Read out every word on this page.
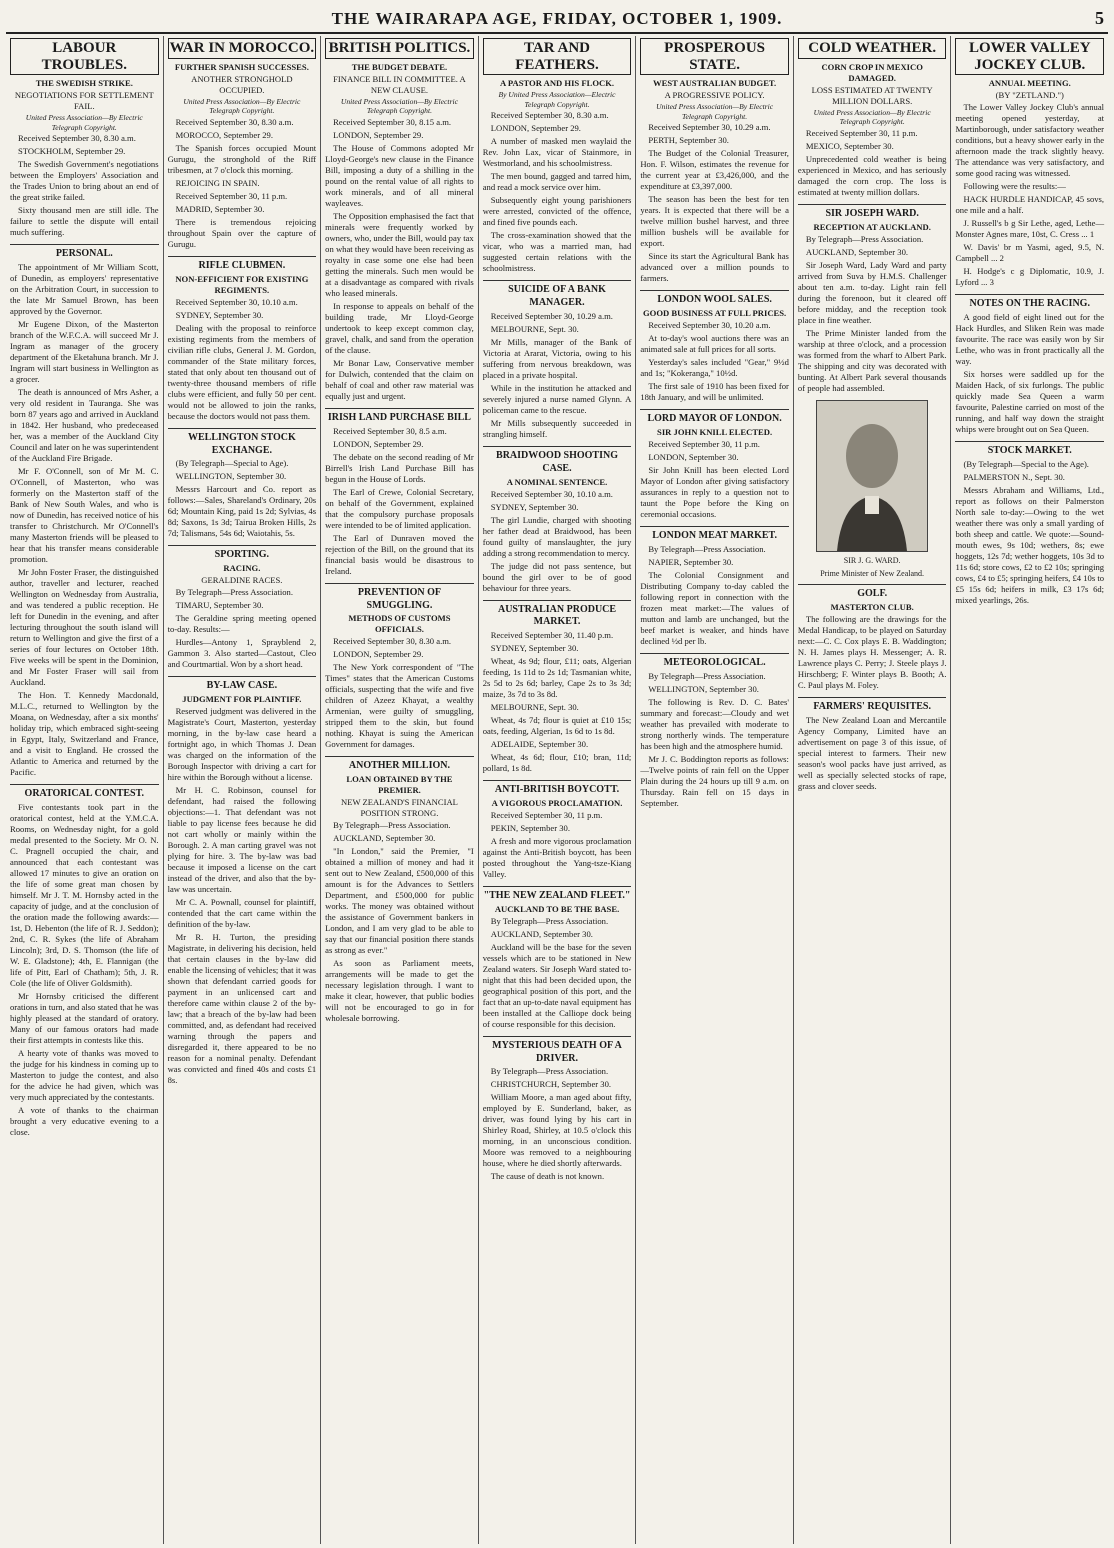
THE WAIRARAPA AGE, FRIDAY, OCTOBER 1, 1909.	5
LABOUR TROUBLES.
THE SWEDISH STRIKE.
NEGOTIATIONS FOR SETTLEMENT FAIL.
United Press Association—By Electric Telegraph Copyright.

Received September 30, 8.30 a.m.

STOCKHOLM, September 29.

The Swedish Government's negotiations between the Employers' Association and the Trades Union to bring about an end of the great strike failed.

Sixty thousand men are still idle. The failure to settle the dispute will entail much suffering.

PERSONAL.

The appointment of Mr William Scott, of Dunedin, as employers' representative on the Arbitration Court, in succession to the late Mr Samuel Brown, has been approved by the Governor.

Mr Eugene Dixon, of the Masterton branch of the W.F.C.A. will succeed Mr J. Ingram as manager of the grocery department of the Eketahuna branch. Mr J. Ingram will start business in Wellington as a grocer.

The death is announced of Mrs Asher, a very old resident in Tauranga. She was born 87 years ago and arrived in Auckland in 1842. Her husband, who predeceased her, was a member of the Auckland City Council and later on he was superintendent of the Auckland Fire Brigade.

Mr F. O'Connell, son of Mr M. C. O'Connell, of Masterton, who was formerly on the Masterton staff of the Bank of New South Wales, and who is now of Dunedin, has received notice of his transfer to Christchurch. Mr O'Connell's many Masterton friends will be pleased to hear that his transfer means considerable promotion.

Mr John Foster Fraser, the distinguished author, traveller and lecturer, reached Wellington on Wednesday from Australia, and was tendered a public reception. He left for Dunedin in the evening, and after lecturing throughout the south island will return to Wellington and give the first of a series of four lectures on October 18th. Five weeks will be spent in the Dominion, and Mr Foster Fraser will sail from Auckland.

The Hon. T. Kennedy Macdonald, M.L.C., returned to Wellington by the Moana, on Wednesday, after a six months' holiday trip, which embraced sight-seeing in Egypt, Italy, Switzerland and France, and a visit to England. He crossed the Atlantic to America and returned by the Pacific.

ORATORICAL CONTEST.

Five contestants took part in the oratorical contest, held at the Y.M.C.A. Rooms, on Wednesday night, for a gold medal presented to the Society. Mr O. N. C. Pragnell occupied the chair, and announced that each contestant was allowed 17 minutes to give an oration on the life of some great man chosen by himself. Mr J. T. M. Hornsby acted in the capacity of judge, and at the conclusion of the oration made the following awards:—1st, D. Hebenton (the life of R. J. Seddon); 2nd, C. R. Sykes (the life of Abraham Lincoln); 3rd, D. S. Thomson (the life of W. E. Gladstone); 4th, E. Flannigan (the life of Pitt, Earl of Chatham); 5th, J. R. Cole (the life of Oliver Goldsmith).

Mr Hornsby criticised the different orations in turn, and also stated that he was highly pleased at the standard of oratory. Many of our famous orators had made their first attempts in contests like this.

A hearty vote of thanks was moved to the judge for his kindness in coming up to Masterton to judge the contest, and also for the advice he had given, which was very much appreciated by the contestants.

A vote of thanks to the chairman brought a very educative evening to a close.

WAR IN MOROCCO.
FURTHER SPANISH SUCCESSES.
ANOTHER STRONGHOLD OCCUPIED.
United Press Association—By Electric Telegraph Copyright.

Received September 30, 8.30 a.m.

MOROCCO, September 29.

The Spanish forces occupied Mount Gurugu, the stronghold of the Riff tribesmen, at 7 o'clock this morning.

REJOICING IN SPAIN.

Received September 30, 11 p.m.

MADRID, September 30.

There is tremendous rejoicing throughout Spain over the capture of Gurugu.

RIFLE CLUBMEN.
NON-EFFICIENT FOR EXISTING REGIMENTS.

Received September 30, 10.10 a.m.

SYDNEY, September 30.

Dealing with the proposal to reinforce existing regiments from the members of civilian rifle clubs, General J. M. Gordon, commander of the State military forces, stated that only about ten thousand out of twenty-three thousand members of rifle clubs were efficient, and fully 50 per cent. would not be allowed to join the ranks, because the doctors would not pass them.

WELLINGTON STOCK EXCHANGE.

(By Telegraph—Special to Age).

WELLINGTON, September 30.

Messrs Harcourt and Co. report as follows:—Sales, Shareland's Ordinary, 20s 6d; Mountain King, paid 1s 2d; Sylvias, 4s 8d; Saxons, 1s 3d; Tairua Broken Hills, 2s 7d; Talismans, 54s 6d; Waiotahis, 5s.

SPORTING.
RACING.
GERALDINE RACES.

By Telegraph—Press Association.

TIMARU, September 30.

The Geraldine spring meeting opened to-day. Results:—

Hurdles—Antony 1, Sprayblend 2, Gammon 3. Also started—Castout, Cleo and Courtmartial. Won by a short head.

BY-LAW CASE.
JUDGMENT FOR PLAINTIFF.

Reserved judgment was delivered in the Magistrate's Court, Masterton, yesterday morning, in the by-law case heard a fortnight ago, in which Thomas J. Dean was charged on the information of the Borough Inspector with driving a cart for hire within the Borough without a license.

Mr H. C. Robinson, counsel for defendant, had raised the following objections:—1. That defendant was not liable to pay license fees because he did not cart wholly or mainly within the Borough. 2. A man carting gravel was not plying for hire. 3. The by-law was bad because it imposed a license on the cart instead of the driver, and also that the by-law was uncertain.

Mr C. A. Pownall, counsel for plaintiff, contended that the cart came within the definition of the by-law.

Mr R. H. Turton, the presiding Magistrate, in delivering his decision, held that certain clauses in the by-law did enable the licensing of vehicles; that it was shown that defendant carried goods for payment in an unlicensed cart and therefore came within clause 2 of the by-law; that a breach of the by-law had been committed, and, as defendant had received warning through the papers and disregarded it, there appeared to be no reason for a nominal penalty. Defendant was convicted and fined 40s and costs £1 8s.

BRITISH POLITICS.
THE BUDGET DEBATE.
FINANCE BILL IN COMMITTEE. A NEW CLAUSE.
United Press Association—By Electric Telegraph Copyright.

Received September 30, 8.15 a.m.

LONDON, September 29.

The House of Commons adopted Mr Lloyd-George's new clause in the Finance Bill, imposing a duty of a shilling in the pound on the rental value of all rights to work minerals, and of all mineral wayleaves.

The Opposition emphasised the fact that minerals were frequently worked by owners, who, under the Bill, would pay tax on what they would have been receiving as royalty in case some one else had been getting the minerals. Such men would be at a disadvantage as compared with rivals who leased minerals.

In response to appeals on behalf of the building trade, Mr Lloyd-George undertook to keep except common clay, gravel, chalk, and sand from the operation of the clause.

Mr Bonar Law, Conservative member for Dulwich, contended that the claim on behalf of coal and other raw material was equally just and urgent.

IRISH LAND PURCHASE BILL

Received September 30, 8.5 a.m.

LONDON, September 29.

The debate on the second reading of Mr Birrell's Irish Land Purchase Bill has begun in the House of Lords.

The Earl of Crewe, Colonial Secretary, on behalf of the Government, explained that the compulsory purchase proposals were intended to be of limited application.

The Earl of Dunraven moved the rejection of the Bill, on the ground that its financial basis would be disastrous to Ireland.

PREVENTION OF SMUGGLING.
METHODS OF CUSTOMS OFFICIALS.

Received September 30, 8.30 a.m.

LONDON, September 29.

The New York correspondent of "The Times" states that the American Customs officials, suspecting that the wife and five children of Azeez Khayat, a wealthy Armenian, were guilty of smuggling, stripped them to the skin, but found nothing. Khayat is suing the American Government for damages.

ANOTHER MILLION.
LOAN OBTAINED BY THE PREMIER.
NEW ZEALAND'S FINANCIAL POSITION STRONG.

By Telegraph—Press Association.

AUCKLAND, September 30.

"In London," said the Premier, "I obtained a million of money and had it sent out to New Zealand, £500,000 of this amount is for the Advances to Settlers Department, and £500,000 for public works. The money was obtained without the assistance of Government bankers in London, and I am very glad to be able to say that our financial position there stands as strong as ever."

As soon as Parliament meets, arrangements will be made to get the necessary legislation through. I want to make it clear, however, that public bodies will not be encouraged to go in for wholesale borrowing.

TAR AND FEATHERS.
A PASTOR AND HIS FLOCK.
By United Press Association—Electric Telegraph Copyright.

Received September 30, 8.30 a.m.

LONDON, September 29.

A number of masked men waylaid the Rev. John Lax, vicar of Stainmore, in Westmorland, and his schoolmistress.

The men bound, gagged and tarred him, and read a mock service over him.

Subsequently eight young parishioners were arrested, convicted of the offence, and fined five pounds each.

The cross-examination showed that the vicar, who was a married man, had suggested certain relations with the schoolmistress.

SUICIDE OF A BANK MANAGER.

Received September 30, 10.29 a.m.

MELBOURNE, Sept. 30.

Mr Mills, manager of the Bank of Victoria at Ararat, Victoria, owing to his suffering from nervous breakdown, was placed in a private hospital.

While in the institution he attacked and severely injured a nurse named Glynn. A policeman came to the rescue.

Mr Mills subsequently succeeded in strangling himself.

BRAIDWOOD SHOOTING CASE.
A NOMINAL SENTENCE.

Received September 30, 10.10 a.m.

SYDNEY, September 30.

The girl Lundie, charged with shooting her father dead at Braidwood, has been found guilty of manslaughter, the jury adding a strong recommendation to mercy.

The judge did not pass sentence, but bound the girl over to be of good behaviour for three years.

AUSTRALIAN PRODUCE MARKET.

Received September 30, 11.40 p.m.

SYDNEY, September 30.

Wheat, 4s 9d; flour, £11; oats, Algerian feeding, 1s 11d to 2s 1d; Tasmanian white, 2s 5d to 2s 6d; barley, Cape 2s to 3s 3d; maize, 3s 7d to 3s 8d.

MELBOURNE, Sept. 30.

Wheat, 4s 7d; flour is quiet at £10 15s; oats, feeding, Algerian, 1s 6d to 1s 8d.

ADELAIDE, September 30.

Wheat, 4s 6d; flour, £10; bran, 11d; pollard, 1s 8d.

ANTI-BRITISH BOYCOTT.
A VIGOROUS PROCLAMATION.

Received September 30, 11 p.m.

PEKIN, September 30.

A fresh and more vigorous proclamation against the Anti-British boycott, has been posted throughout the Yang-tsze-Kiang Valley.

"THE NEW ZEALAND FLEET."
AUCKLAND TO BE THE BASE.

By Telegraph—Press Association.

AUCKLAND, September 30.

Auckland will be the base for the seven vessels which are to be stationed in New Zealand waters. Sir Joseph Ward stated to-night that this had been decided upon, the geographical position of this port, and the fact that an up-to-date naval equipment has been installed at the Calliope dock being of course responsible for this decision.

MYSTERIOUS DEATH OF A DRIVER.

By Telegraph—Press Association.

CHRISTCHURCH, September 30.

William Moore, a man aged about fifty, employed by E. Sunderland, baker, as driver, was found lying by his cart in Shirley Road, Shirley, at 10.5 o'clock this morning, in an unconscious condition. Moore was removed to a neighbouring house, where he died shortly afterwards.

The cause of death is not known.

PROSPEROUS STATE.
WEST AUSTRALIAN BUDGET.
A PROGRESSIVE POLICY.
United Press Association—By Electric Telegraph Copyright.

Received September 30, 10.29 a.m.

PERTH, September 30.

The Budget of the Colonial Treasurer, Hon. F. Wilson, estimates the revenue for the current year at £3,426,000, and the expenditure at £3,397,000.

The season has been the best for ten years. It is expected that there will be a twelve million bushel harvest, and three million bushels will be available for export.

Since its start the Agricultural Bank has advanced over a million pounds to farmers.

LONDON WOOL SALES.
GOOD BUSINESS AT FULL PRICES.

Received September 30, 10.20 a.m.

At to-day's wool auctions there was an animated sale at full prices for all sorts.

Yesterday's sales included "Gear," 9½d and 1s; "Kokeranga," 10½d.

The first sale of 1910 has been fixed for 18th January, and will be unlimited.

LORD MAYOR OF LONDON.
SIR JOHN KNILL ELECTED.

Received September 30, 11 p.m.

LONDON, September 30.

Sir John Knill has been elected Lord Mayor of London after giving satisfactory assurances in reply to a question not to taunt the Pope before the King on ceremonial occasions.

LONDON MEAT MARKET.

By Telegraph—Press Association.

NAPIER, September 30.

The Colonial Consignment and Distributing Company to-day cabled the following report in connection with the frozen meat market:—The values of mutton and lamb are unchanged, but the beef market is weaker, and hinds have declined ½d per lb.

METEOROLOGICAL.

By Telegraph—Press Association.

WELLINGTON, September 30.

The following is Rev. D. C. Bates' summary and forecast:—Cloudy and wet weather has prevailed with moderate to strong northerly winds. The temperature has been high and the atmosphere humid.

Mr J. C. Boddington reports as follows:—Twelve points of rain fell on the Upper Plain during the 24 hours up till 9 a.m. on Thursday. Rain fell on 15 days in September.

COLD WEATHER.
CORN CROP IN MEXICO DAMAGED.
LOSS ESTIMATED AT TWENTY MILLION DOLLARS.
United Press Association—By Electric Telegraph Copyright.

Received September 30, 11 p.m.

MEXICO, September 30.

Unprecedented cold weather is being experienced in Mexico, and has seriously damaged the corn crop. The loss is estimated at twenty million dollars.

SIR JOSEPH WARD.
RECEPTION AT AUCKLAND.

By Telegraph—Press Association.

AUCKLAND, September 30.

Sir Joseph Ward, Lady Ward and party arrived from Suva by H.M.S. Challenger about ten a.m. to-day. Light rain fell during the forenoon, but it cleared off before midday, and the reception took place in fine weather.

The Prime Minister landed from the warship at three o'clock, and a procession was formed from the wharf to Albert Park. The shipping and city was decorated with bunting. At Albert Park several thousands of people had assembled.

SIR J. G. WARD.
Prime Minister of New Zealand.
GOLF.
MASTERTON CLUB.

The following are the drawings for the Medal Handicap, to be played on Saturday next:—C. C. Cox plays E. B. Waddington; N. H. James plays H. Messenger; A. R. Lawrence plays C. Perry; J. Steele plays J. Hirschberg; F. Winter plays B. Booth; A. C. Paul plays M. Foley.

FARMERS' REQUISITES.

The New Zealand Loan and Mercantile Agency Company, Limited have an advertisement on page 3 of this issue, of special interest to farmers. Their new season's wool packs have just arrived, as well as specially selected stocks of rape, grass and clover seeds.

LOWER VALLEY JOCKEY CLUB.
ANNUAL MEETING.
(BY "ZETLAND.")

The Lower Valley Jockey Club's annual meeting opened yesterday, at Martinborough, under satisfactory weather conditions, but a heavy shower early in the afternoon made the track slightly heavy. The attendance was very satisfactory, and some good racing was witnessed.

Following were the results:—

HACK HURDLE HANDICAP, 45 sovs, one mile and a half.

J. Russell's b g Sir Lethe, aged, Lethe—Monster Agnes mare, 10st, C. Cress ... 1

W. Davis' br m Yasmi, aged, 9.5, N. Campbell ... 2

H. Hodge's c g Diplomatic, 10.9, J. Lyford ... 3

NOTES ON THE RACING.

A good field of eight lined out for the Hack Hurdles, and Sliken Rein was made favourite. The race was easily won by Sir Lethe, who was in front practically all the way.

Six horses were saddled up for the Maiden Hack, of six furlongs. The public quickly made Sea Queen a warm favourite, Palestine carried on most of the running, and half way down the straight whips were brought out on Sea Queen.

STOCK MARKET.

(By Telegraph—Special to the Age).

PALMERSTON N., Sept. 30.

Messrs Abraham and Williams, Ltd., report as follows on their Palmerston North sale to-day:—Owing to the wet weather there was only a small yarding of both sheep and cattle. We quote:—Sound-mouth ewes, 9s 10d; wethers, 8s; ewe hoggets, 12s 7d; wether hoggets, 10s 3d to 11s 6d; store cows, £2 to £2 10s; springing cows, £4 to £5; springing heifers, £4 10s to £5 15s 6d; heifers in milk, £3 17s 6d; mixed yearlings, 26s.
